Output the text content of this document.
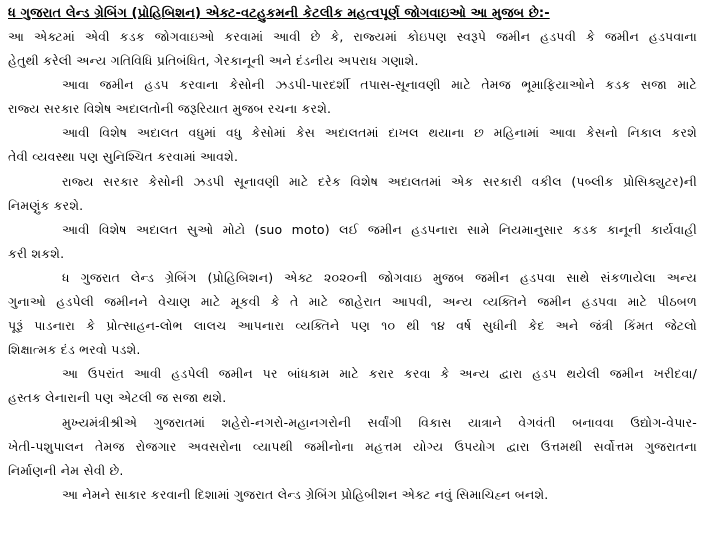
ધ ગુજરાત લેન્ડ ગ્રેબિંગ (પ્રોહિબિશન) એક્ટ-વટહુકમની કેટલીક મહત્વપૂર્ણ જોગવાઇઓ આ મુજબ છે:-
આ એક્ટમાં એવી કડક જોગવાઇઓ કરવામાં આવી છે કે, રાજ્યમાં કોઇપણ સ્વરૂપે જમીન હડપવી કે જમીન હડપવાના
હેતુથી કરેલી અન્ય ગતિવિધિ પ્રતિબંધિત, ગેરકાનૂની અને દંડનીય અપરાધ ગણાશે.
આવા જમીન હડપ કરવાના કેસોની ઝડપી-પારદર્શી તપાસ-સૂનાવણી માટે તેમજ ભૂમાફિયાઓને કડક સજા માટે
રાજ્ય સરકાર વિશેષ અદાલતોની જરૂરિયાત મુજબ રચના કરશે.
આવી વિશેષ અદાલત વધુમાં વધુ કેસોમાં કેસ અદાલતમાં દાખલ થયાના છ મહિનામાં આવા કેસનો નિકાલ કરશે
તેવી વ્યવસ્થા પણ સુનિશ્ચિત કરવામાં આવશે.
રાજ્ય સરકાર કેસોની ઝડપી સૂનાવણી માટે દરેક વિશેષ અદાલતમાં એક સરકારી વકીલ (પબ્લીક પ્રોસિક્યુટર)ની
નિમણુંક કરશે.
આવી વિશેષ અદાલત સુઓ મોટો (suo moto) લઈ જમીન હડપનારા સામે નિયમાનુસાર કડક કાનૂની કાર્યવાહી
કરી શકશે.
ધ ગુજરાત લેન્ડ ગ્રેબિંગ (પ્રોહિબિશન) એક્ટ ૨૦૨૦ની જોગવાઇ મુજબ જમીન હડપવા સાથે સંકળાયેલા અન્ય
ગુનાઓ હડપેલી જમીનને વેચાણ માટે મૂકવી કે તે માટે જાહેરાત આપવી, અન્ય વ્યક્તિને જમીન હડપવા માટે પીઠબળ
પૂરૂં પાડનારા કે પ્રોત્સાહન-લોભ લાલચ આપનારા વ્યક્તિને પણ ૧૦ થી ૧૪ વર્ષ સુધીની કેદ અને જંત્રી કિંમત જેટલો
શિક્ષાત્મક દંડ ભરવો પડશે.
આ ઉપરાંત આવી હડપેલી જમીન પર બાંધકામ માટે કરાર કરવા કે અન્ય દ્વારા હડપ થયેલી જમીન ખરીદવા/
હસ્તક લેનારાની પણ એટલી જ સજા થશે.
મુખ્યમંત્રીશ્રીએ ગુજરાતમાં શહેરો-નગરો-મહાનગરોની સર્વાંગી વિકાસ યાત્રાને વેગવંતી બનાવવા ઉદ્યોગ-વેપાર-
ખેતી-પશુપાલન તેમજ રોજગાર અવસરોના વ્યાપથી જમીનોના મહત્તમ યોગ્ય ઉપયોગ દ્વારા ઉત્તમથી સર્વોત્તમ ગુજરાતના
નિર્માણની નેમ સેવી છે.
આ નેમને સાકાર કરવાની દિશામાં ગુજરાત લેન્ડ ગ્રેબિંગ પ્રોહિબીશન એક્ટ નવું સિમાચિહ્ન બનશે.
